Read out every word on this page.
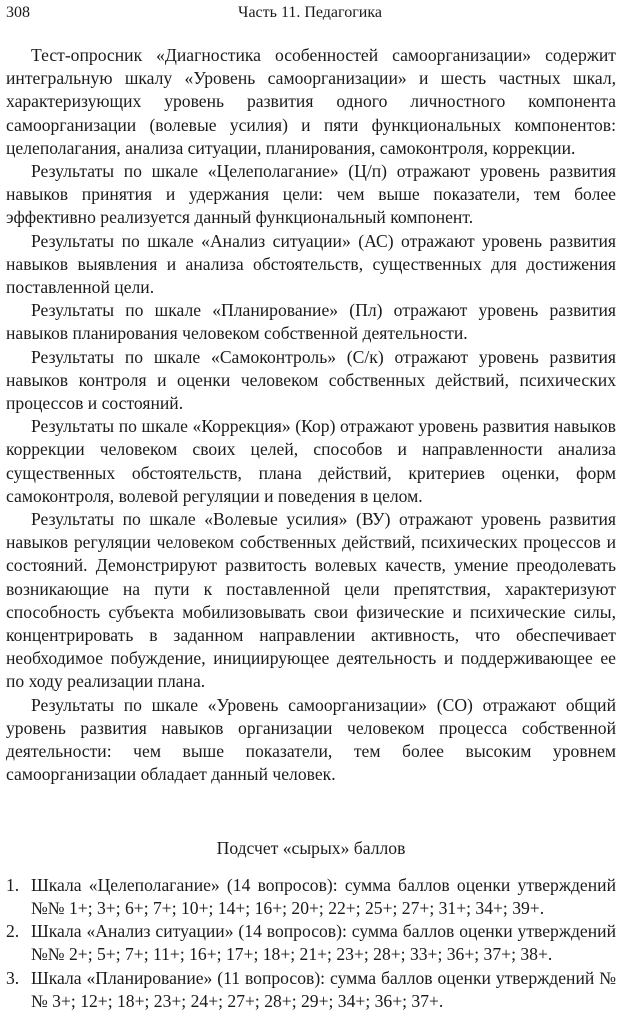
308	Часть 11. Педагогика

Тест-опросник «Диагностика особенностей самоорганизации» содержит интегральную шкалу «Уровень самоорганизации» и шесть частных шкал, характеризующих уровень развития одного личностного компонента самоорганизации (волевые усилия) и пяти функциональных компонентов: целеполагания, анализа ситуации, планирования, самоконтроля, коррекции.

Результаты по шкале «Целеполагание» (Ц/п) отражают уровень развития навыков принятия и удержания цели: чем выше показатели, тем более эффективно реализуется данный функциональный компонент.

Результаты по шкале «Анализ ситуации» (АС) отражают уровень развития навыков выявления и анализа обстоятельств, существенных для достижения поставленной цели.

Результаты по шкале «Планирование» (Пл) отражают уровень развития навыков планирования человеком собственной деятельности.

Результаты по шкале «Самоконтроль» (С/к) отражают уровень развития навыков контроля и оценки человеком собственных действий, психических процессов и состояний.

Результаты по шкале «Коррекция» (Кор) отражают уровень развития навыков коррекции человеком своих целей, способов и направленности анализа существенных обстоятельств, плана действий, критериев оценки, форм самоконтроля, волевой регуляции и поведения в целом.

Результаты по шкале «Волевые усилия» (ВУ) отражают уровень развития навыков регуляции человеком собственных действий, психических процессов и состояний. Демонстрируют развитость волевых качеств, умение преодолевать возникающие на пути к поставленной цели препятствия, характеризуют способность субъекта мобилизовывать свои физические и психические силы, концентрировать в заданном направлении активность, что обеспечивает необходимое побуждение, инициирующее деятельность и поддерживающее ее по ходу реализации плана.

Результаты по шкале «Уровень самоорганизации» (СО) отражают общий уровень развития навыков организации человеком процесса собственной деятельности: чем выше показатели, тем более высоким уровнем самоорганизации обладает данный человек.

Подсчет «сырых» баллов
1. Шкала «Целеполагание» (14 вопросов): сумма баллов оценки утверждений №№ 1+; 3+; 6+; 7+; 10+; 14+; 16+; 20+; 22+; 25+; 27+; 31+; 34+; 39+.
2. Шкала «Анализ ситуации» (14 вопросов): сумма баллов оценки утверждений №№ 2+; 5+; 7+; 11+; 16+; 17+; 18+; 21+; 23+; 28+; 33+; 36+; 37+; 38+.
3. Шкала «Планирование» (11 вопросов): сумма баллов оценки утверждений №№ 3+; 12+; 18+; 23+; 24+; 27+; 28+; 29+; 34+; 36+; 37+.
